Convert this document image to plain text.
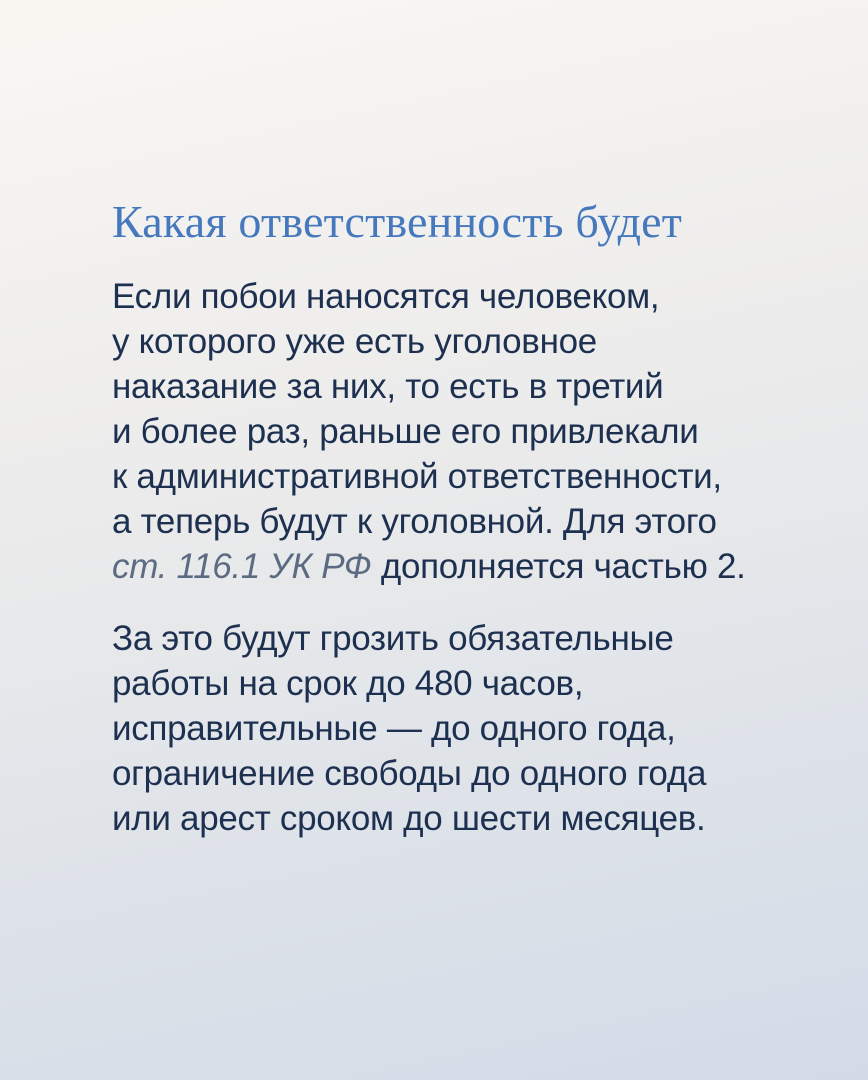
Какая ответственность будет
Если побои наносятся человеком,
у которого уже есть уголовное
наказание за них, то есть в третий
и более раз, раньше его привлекали
к административной ответственности,
а теперь будут к уголовной. Для этого
ст. 116.1 УК РФ дополняется частью 2.
За это будут грозить обязательные
работы на срок до 480 часов,
исправительные — до одного года,
ограничение свободы до одного года
или арест сроком до шести месяцев.
